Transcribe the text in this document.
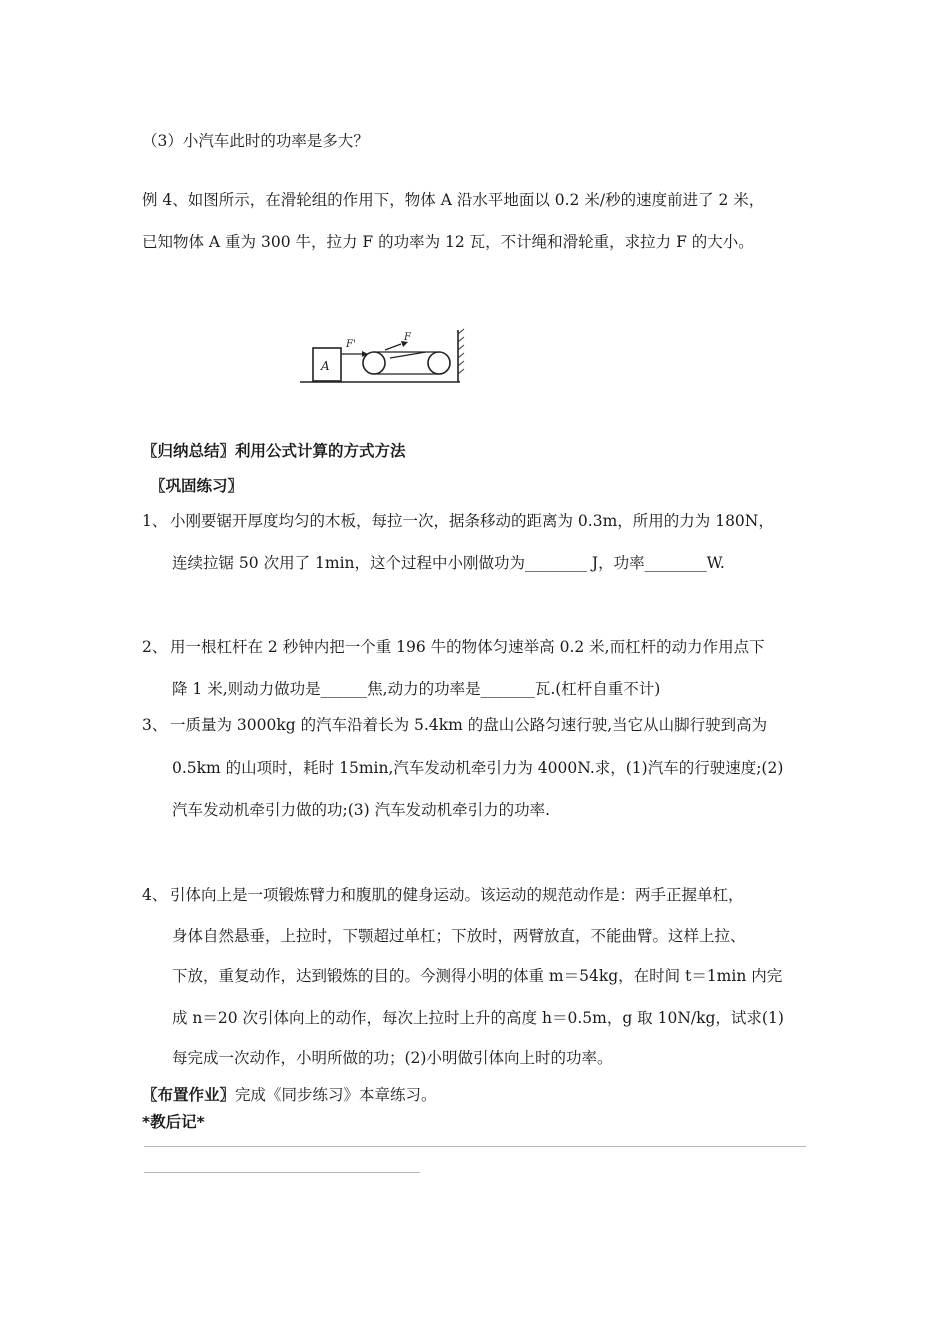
（3）小汽车此时的功率是多大？
例 4、如图所示，在滑轮组的作用下，物体 A 沿水平地面以 0.2 米/秒的速度前进了 2 米，
已知物体 A 重为 300 牛，拉力 F 的功率为 12 瓦，不计绳和滑轮重，求拉力 F 的大小。
A
F'
F
〖归纳总结〗利用公式计算的方式方法
〖巩固练习〗
1、 小刚要锯开厚度均匀的木板，每拉一次，据条移动的距离为 0.3m，所用的力为 180N，
连续拉锯 50 次用了 1min，这个过程中小刚做功为________ J，功率________W.
2、 用一根杠杆在 2 秒钟内把一个重 196 牛的物体匀速举高 0.2 米,而杠杆的动力作用点下
降 1 米,则动力做功是______焦,动力的功率是_______瓦.(杠杆自重不计)
3、 一质量为 3000kg 的汽车沿着长为 5.4km 的盘山公路匀速行驶,当它从山脚行驶到高为
0.5km 的山项时，耗时 15min,汽车发动机牵引力为 4000N.求，(1)汽车的行驶速度;(2)
汽车发动机牵引力做的功;(3) 汽车发动机牵引力的功率.
4、 引体向上是一项锻炼臂力和腹肌的健身运动。该运动的规范动作是：两手正握单杠，
身体自然悬垂，上拉时，下颚超过单杠；下放时，两臂放直，不能曲臂。这样上拉、
下放，重复动作，达到锻炼的目的。今测得小明的体重 m＝54kg，在时间 t＝1min 内完
成 n＝20 次引体向上的动作，每次上拉时上升的高度 h＝0.5m，g 取 10N/kg，试求(1)
每完成一次动作，小明所做的功；(2)小明做引体向上时的功率。
〖布置作业〗完成《同步练习》本章练习。
*教后记*
